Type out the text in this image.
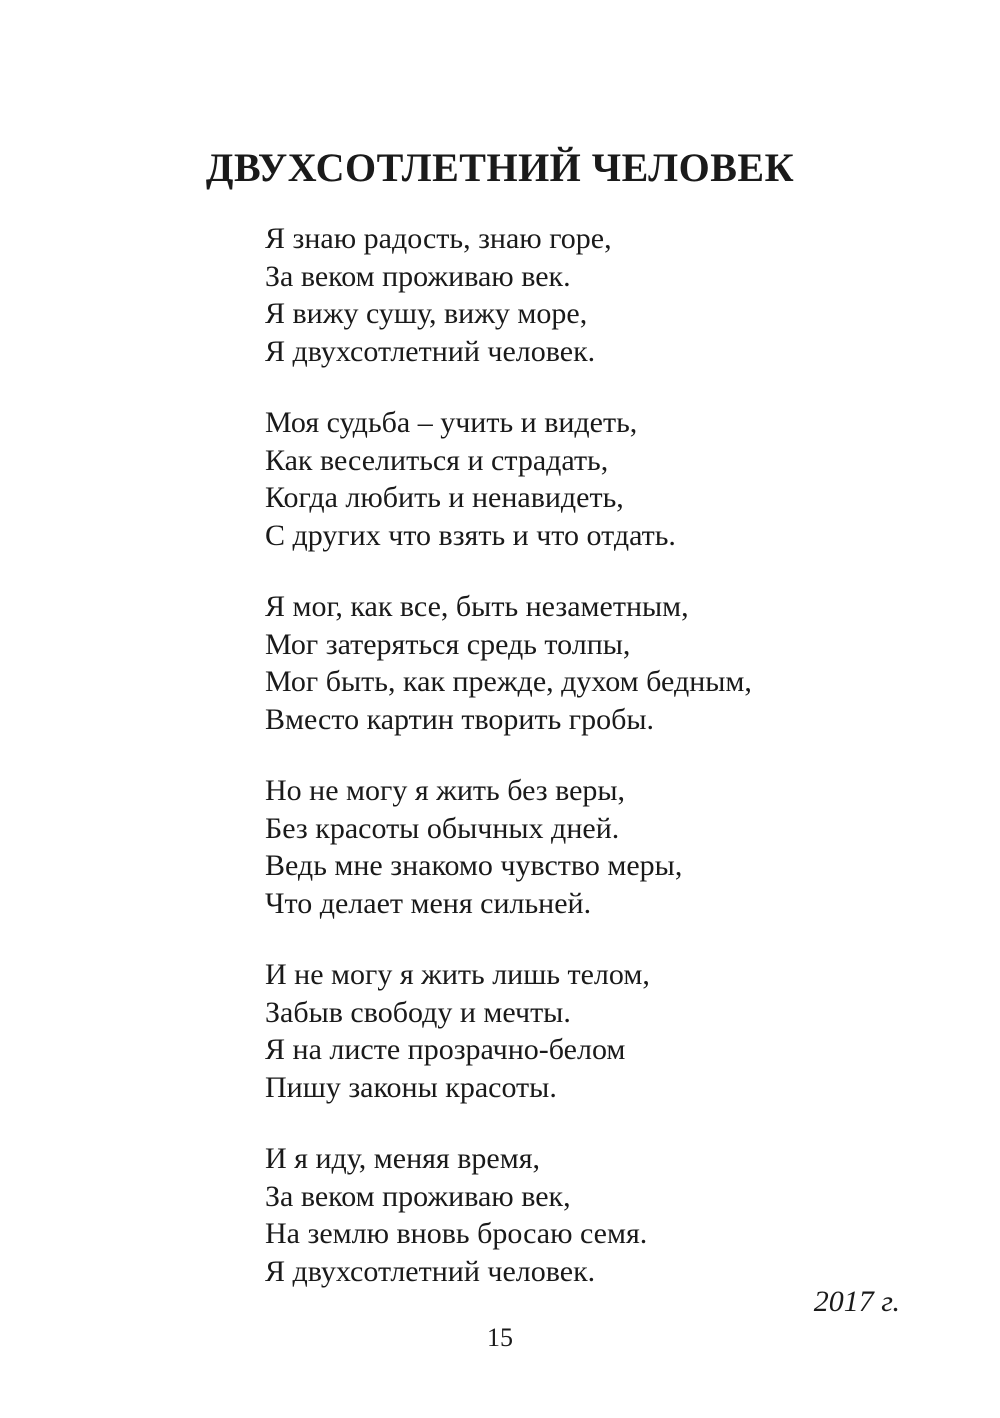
ДВУХСОТЛЕТНИЙ ЧЕЛОВЕК
Я знаю радость, знаю горе,
За веком проживаю век.
Я вижу сушу, вижу море,
Я двухсотлетний человек.
Моя судьба – учить и видеть,
Как веселиться и страдать,
Когда любить и ненавидеть,
С других что взять и что отдать.
Я мог, как все, быть незаметным,
Мог затеряться средь толпы,
Мог быть, как прежде, духом бедным,
Вместо картин творить гробы.
Но не могу я жить без веры,
Без красоты обычных дней.
Ведь мне знакомо чувство меры,
Что делает меня сильней.
И не могу я жить лишь телом,
Забыв свободу и мечты.
Я на листе прозрачно-белом
Пишу законы красоты.
И я иду, меняя время,
За веком проживаю век,
На землю вновь бросаю семя.
Я двухсотлетний человек.
2017 г.
15
